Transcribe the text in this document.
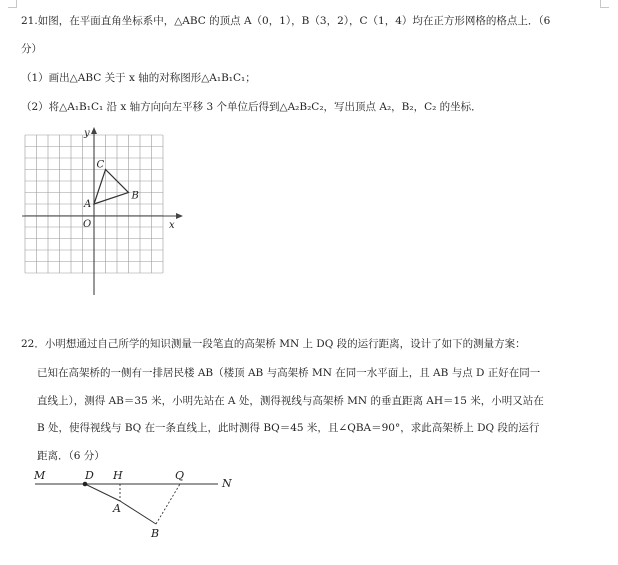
21.如图，在平面直角坐标系中，△ABC 的顶点 A（0，1），B（3，2），C（1，4）均在正方形网格的格点上．（6
分）
（1）画出△ABC 关于 x 轴的对称图形△A₁B₁C₁；
（2）将△A₁B₁C₁ 沿 x 轴方向向左平移 3 个单位后得到△A₂B₂C₂，写出顶点 A₂，B₂，C₂ 的坐标．
x
y
O
A
B
C
22．小明想通过自己所学的知识测量一段笔直的高架桥 MN 上 DQ 段的运行距离，设计了如下的测量方案：
已知在高架桥的一侧有一排居民楼 AB（楼顶 AB 与高架桥 MN 在同一水平面上，且 AB 与点 D 正好在同一
直线上），测得 AB＝35 米，小明先站在 A 处，测得视线与高架桥 MN 的垂直距离 AH＝15 米，小明又站在
B 处，使得视线与 BQ 在一条直线上，此时测得 BQ＝45 米，且∠QBA＝90°，求此高架桥上 DQ 段的运行
距离．（6 分）
M
N
D H	Q
A
B
